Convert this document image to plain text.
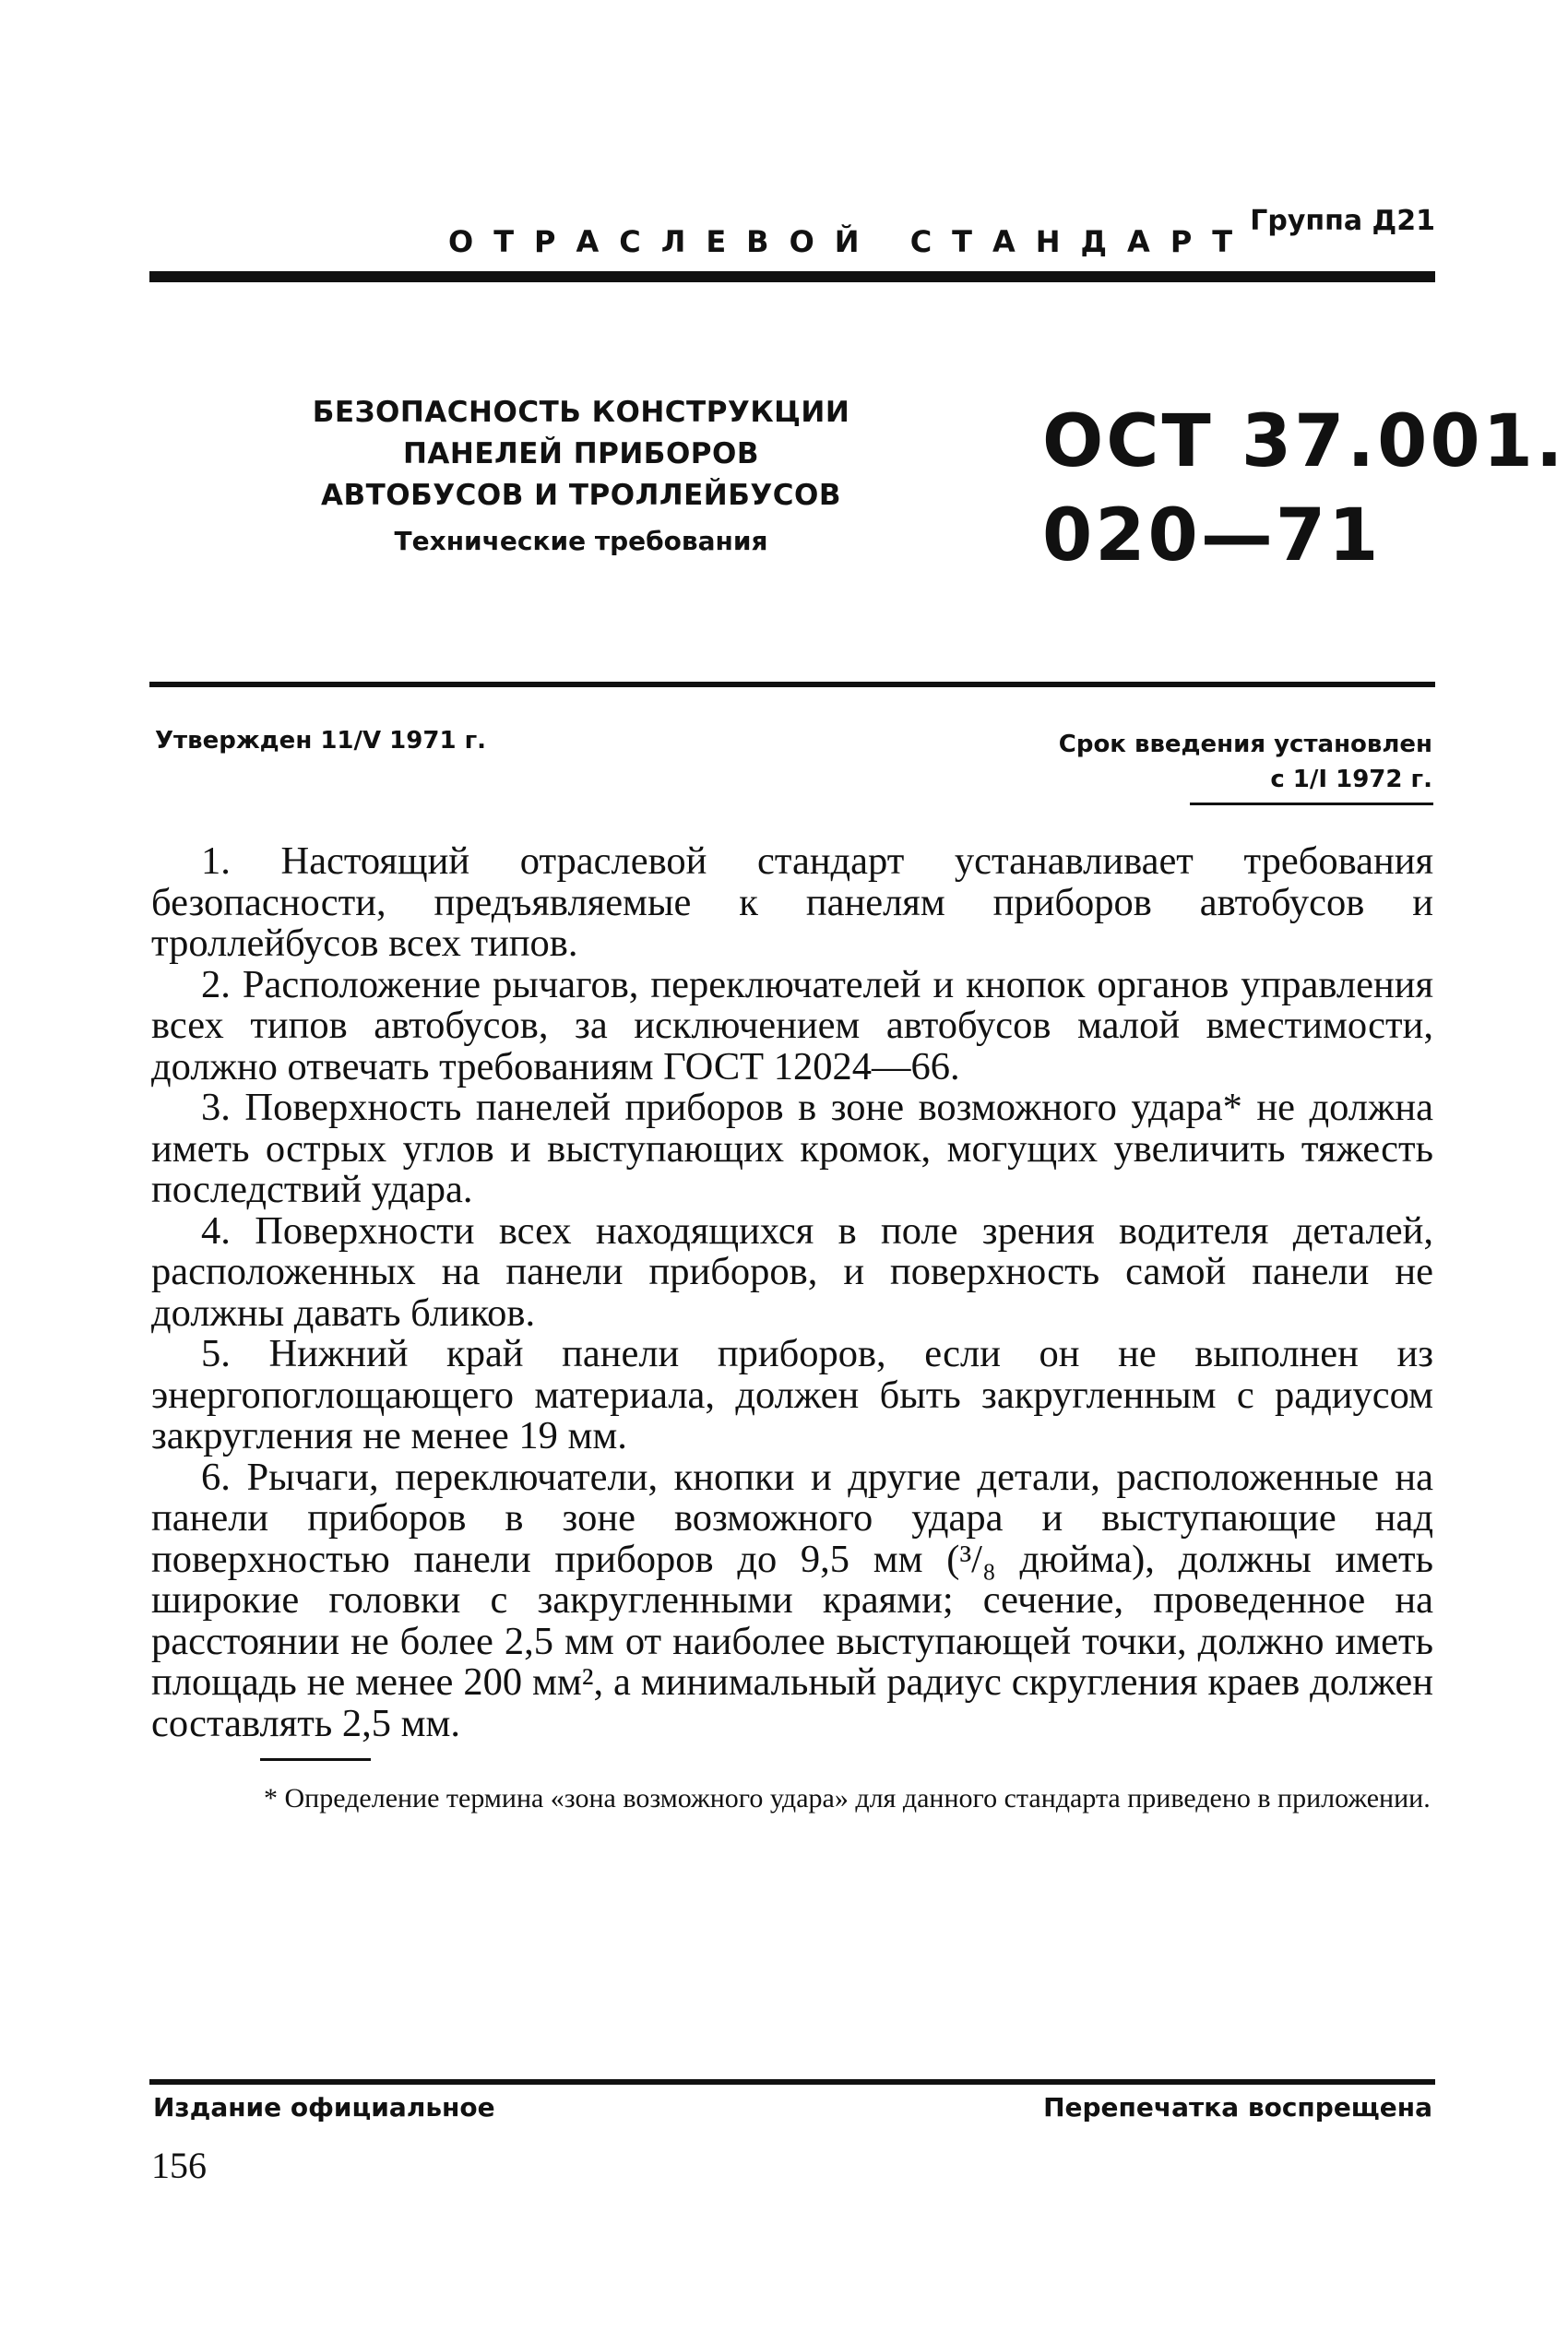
Группа Д21
ОТРАСЛЕВОЙ СТАНДАРТ
БЕЗОПАСНОСТЬ КОНСТРУКЦИИ
ПАНЕЛЕЙ ПРИБОРОВ
АВТОБУСОВ И ТРОЛЛЕЙБУСОВ
Технические требования
ОСТ 37.001.
020—71
Утвержден 11/V 1971 г.	Срок введения установлен
с 1/I 1972 г.

1. Настоящий отраслевой стандарт устанавливает требования безопасности, предъявляемые к панелям приборов автобусов и троллейбусов всех типов.

2. Расположение рычагов, переключателей и кнопок органов управления всех типов автобусов, за исключением автобусов малой вместимости, должно отвечать требованиям ГОСТ 12024—66.

3. Поверхность панелей приборов в зоне возможного удара* не должна иметь острых углов и выступающих кромок, могущих увеличить тяжесть последствий удара.

4. Поверхности всех находящихся в поле зрения водителя деталей, расположенных на панели приборов, и поверхность самой панели не должны давать бликов.

5. Нижний край панели приборов, если он не выполнен из энергопоглощающего материала, должен быть закругленным с радиусом закругления не менее 19 мм.

6. Рычаги, переключатели, кнопки и другие детали, расположенные на панели приборов в зоне возможного удара и выступающие над поверхностью панели приборов до 9,5 мм (³/₈ дюйма), должны иметь широкие головки с закругленными краями; сечение, проведенное на расстоянии не более 2,5 мм от наиболее выступающей точки, должно иметь площадь не менее 200 мм², а минимальный радиус скругления краев должен составлять 2,5 мм.

* Определение термина «зона возможного удара» для данного стандарта приведено в приложении.
Издание официальное	Перепечатка воспрещена
156
